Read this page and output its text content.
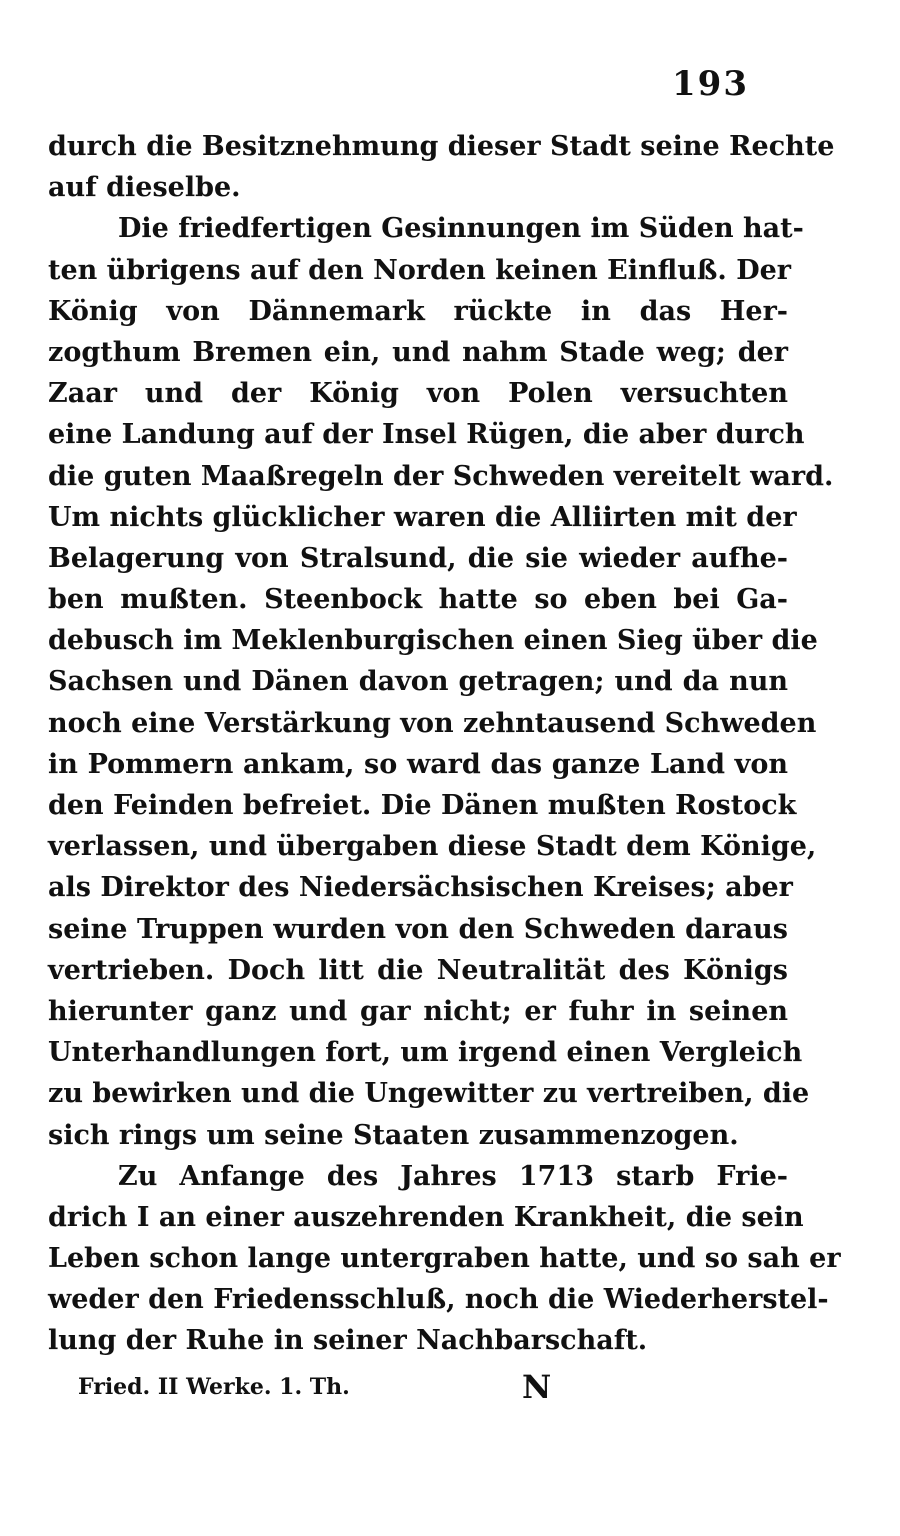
193
durch die Besitznehmung dieser Stadt seine Rechte
auf dieselbe.
Die friedfertigen Gesinnungen im Süden hat-
ten übrigens auf den Norden keinen Einfluß. Der
König von Dännemark rückte in das Her-
zogthum Bremen ein, und nahm Stade weg; der
Zaar und der König von Polen versuchten
eine Landung auf der Insel Rügen, die aber durch
die guten Maaßregeln der Schweden vereitelt ward.
Um nichts glücklicher waren die Alliirten mit der
Belagerung von Stralsund, die sie wieder aufhe-
ben mußten. Steenbock hatte so eben bei Ga-
debusch im Meklenburgischen einen Sieg über die
Sachsen und Dänen davon getragen; und da nun
noch eine Verstärkung von zehntausend Schweden
in Pommern ankam, so ward das ganze Land von
den Feinden befreiet. Die Dänen mußten Rostock
verlassen, und übergaben diese Stadt dem Könige,
als Direktor des Niedersächsischen Kreises; aber
seine Truppen wurden von den Schweden daraus
vertrieben. Doch litt die Neutralität des Königs
hierunter ganz und gar nicht; er fuhr in seinen
Unterhandlungen fort, um irgend einen Vergleich
zu bewirken und die Ungewitter zu vertreiben, die
sich rings um seine Staaten zusammenzogen.
Zu Anfange des Jahres 1713 starb Frie-
drich I an einer auszehrenden Krankheit, die sein
Leben schon lange untergraben hatte, und so sah er
weder den Friedensschluß, noch die Wiederherstel-
lung der Ruhe in seiner Nachbarschaft.
Fried. II Werke. 1. Th.	N
